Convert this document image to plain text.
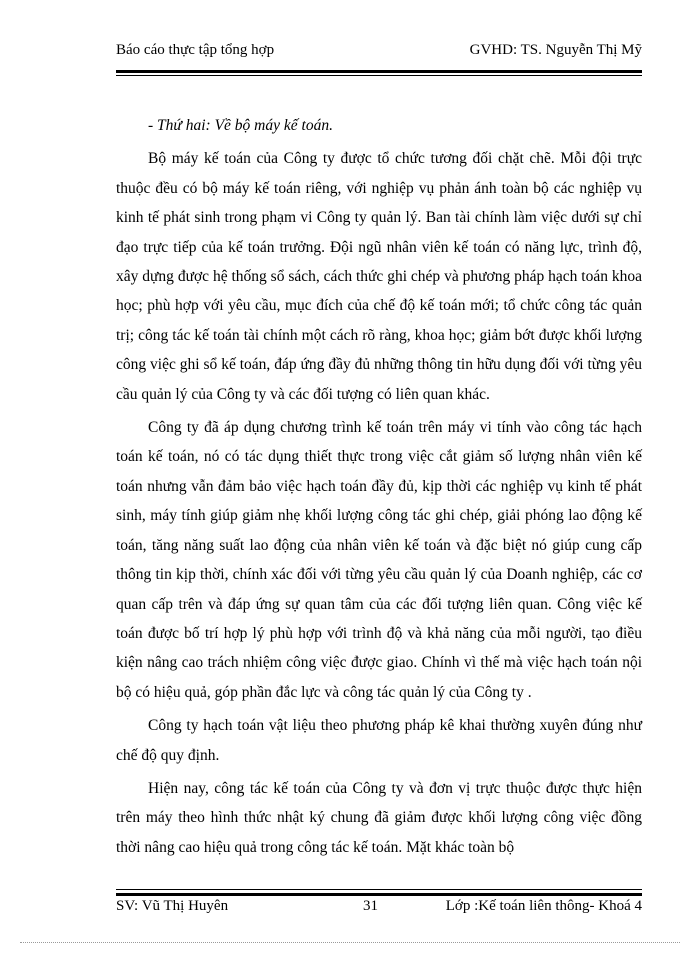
Báo cáo thực tập tổng hợp	GVHD: TS. Nguyễn Thị Mỹ

- Thứ hai: Về bộ máy kế toán.

Bộ máy kế toán của Công ty được tổ chức tương đối chặt chẽ. Mỗi đội trực thuộc đều có bộ máy kế toán riêng, với nghiệp vụ phản ánh toàn bộ các nghiệp vụ kinh tế phát sinh trong phạm vi Công ty quản lý. Ban tài chính làm việc dưới sự chỉ đạo trực tiếp của kế toán trưởng. Đội ngũ nhân viên kế toán có năng lực, trình độ, xây dựng được hệ thống sổ sách, cách thức ghi chép và phương pháp hạch toán khoa học; phù hợp với yêu cầu, mục đích của chế độ kế toán mới; tổ chức công tác quản trị; công tác kế toán tài chính một cách rõ ràng, khoa học; giảm bớt được khối lượng công việc ghi sổ kế toán, đáp ứng đầy đủ những thông tin hữu dụng đối với từng yêu cầu quản lý của Công ty và các đối tượng có liên quan khác.

Công ty đã áp dụng chương trình kế toán trên máy vi tính vào công tác hạch toán kế toán, nó có tác dụng thiết thực trong việc cắt giảm số lượng nhân viên kế toán nhưng vẫn đảm bảo việc hạch toán đầy đủ, kịp thời các nghiệp vụ kinh tế phát sinh, máy tính giúp giảm nhẹ khối lượng công tác ghi chép, giải phóng lao động kế toán, tăng năng suất lao động của nhân viên kế toán và đặc biệt nó giúp cung cấp thông tin kịp thời, chính xác đối với từng yêu cầu quản lý của Doanh nghiệp, các cơ quan cấp trên và đáp ứng sự quan tâm của các đối tượng liên quan. Công việc kế toán được bố trí hợp lý phù hợp với trình độ và khả năng của mỗi người, tạo điều kiện nâng cao trách nhiệm công việc được giao. Chính vì thế mà việc hạch toán nội bộ có hiệu quả, góp phần đắc lực và công tác quản lý của Công ty .

Công ty hạch toán vật liệu theo phương pháp kê khai thường xuyên đúng như chế độ quy định.

Hiện nay, công tác kế toán của Công ty và đơn vị trực thuộc được thực hiện trên máy theo hình thức nhật ký chung đã giảm được khối lượng công việc đồng thời nâng cao hiệu quả trong công tác kế toán. Mặt khác toàn bộ

SV: Vũ Thị Huyên	31	Lớp :Kế toán liên thông- Khoá 4
